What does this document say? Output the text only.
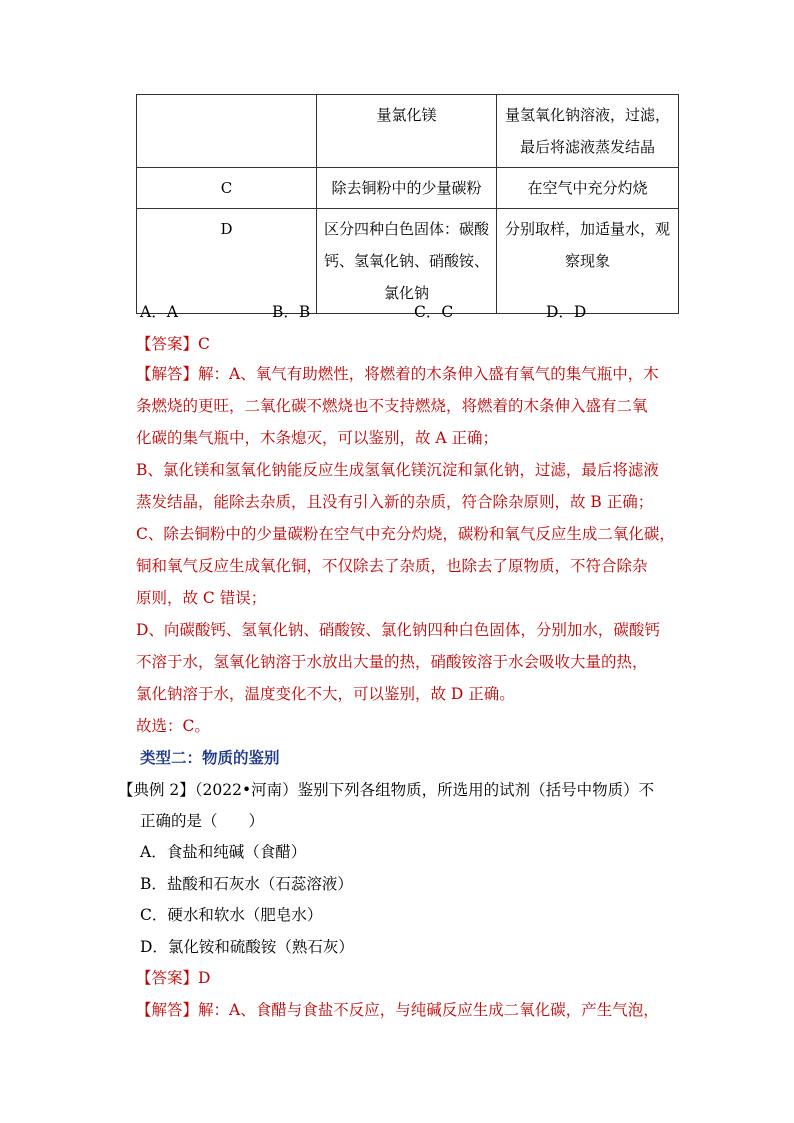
	量氯化镁	量氢氧化钠溶液，过滤，最后将滤液蒸发结晶
C	除去铜粉中的少量碳粉	在空气中充分灼烧
D	区分四种白色固体：碳酸钙、氢氧化钠、硝酸铵、氯化钠	分别取样，加适量水，观察现象
A．A	B．B	C．C	D．D
【答案】C
【解答】解：A、氧气有助燃性，将燃着的木条伸入盛有氧气的集气瓶中，木
条燃烧的更旺，二氧化碳不燃烧也不支持燃烧，将燃着的木条伸入盛有二氧
化碳的集气瓶中，木条熄灭，可以鉴别，故 A 正确；
B、氯化镁和氢氧化钠能反应生成氢氧化镁沉淀和氯化钠，过滤，最后将滤液
蒸发结晶，能除去杂质，且没有引入新的杂质，符合除杂原则，故 B 正确；
C、除去铜粉中的少量碳粉在空气中充分灼烧，碳粉和氧气反应生成二氧化碳，
铜和氧气反应生成氧化铜，不仅除去了杂质，也除去了原物质，不符合除杂
原则，故 C 错误；
D、向碳酸钙、氢氧化钠、硝酸铵、氯化钠四种白色固体，分别加水，碳酸钙
不溶于水，氢氧化钠溶于水放出大量的热，硝酸铵溶于水会吸收大量的热，
氯化钠溶于水，温度变化不大，可以鉴别，故 D 正确。
故选：C。
类型二：物质的鉴别
【典例 2】（2022•河南）鉴别下列各组物质，所选用的试剂（括号中物质）不
正确的是（　　）
A．食盐和纯碱（食醋）
B．盐酸和石灰水（石蕊溶液）
C．硬水和软水（肥皂水）
D．氯化铵和硫酸铵（熟石灰）
【答案】D
【解答】解：A、食醋与食盐不反应，与纯碱反应生成二氧化碳，产生气泡，
